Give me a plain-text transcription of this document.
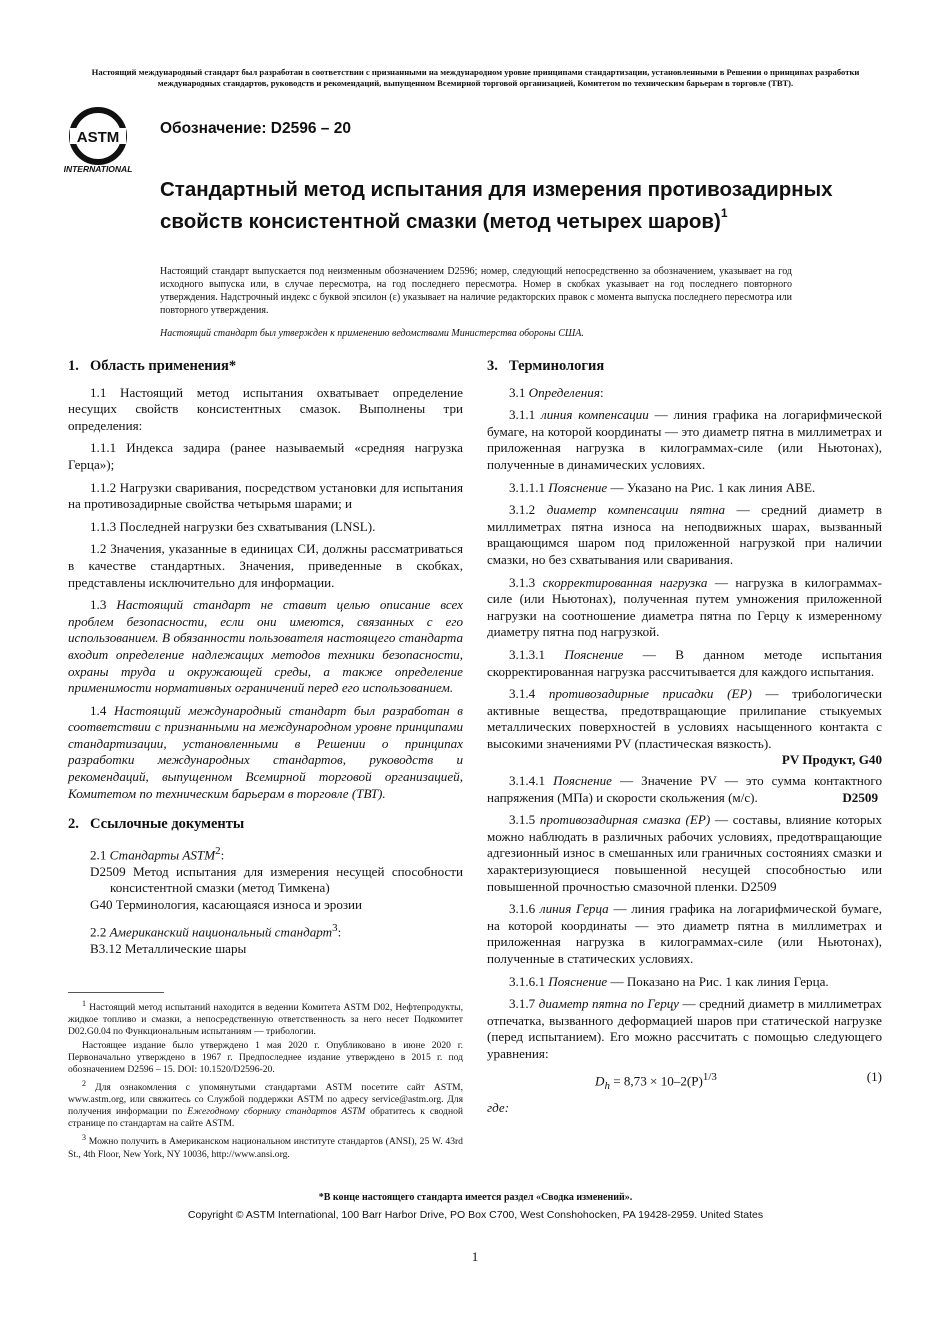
Настоящий международный стандарт был разработан в соответствии с признанными на международном уровне принципами стандартизации, установленными в Решении о принципах разработки международных стандартов, руководств и рекомендаций, выпущенном Всемирной торговой организацией, Комитетом по техническим барьерам в торговле (ТВТ).
ASTM
INTERNATIONAL
Обозначение: D2596 – 20
Стандартный метод испытания для измерения противозадирных свойств консистентной смазки (метод четырех шаров)$^1$
Настоящий стандарт выпускается под неизменным обозначением D2596; номер, следующий непосредственно за обозначением, указывает на год исходного выпуска или, в случае пересмотра, на год последнего пересмотра. Номер в скобках указывает на год последнего повторного утверждения. Надстрочный индекс с буквой эпсилон (ε) указывает на наличие редакторских правок с момента выпуска последнего пересмотра или повторного утверждения.
Настоящий стандарт был утвержден к применению ведомствами Министерства обороны США.
1. Область применения*

1.1 Настоящий метод испытания охватывает определение несущих свойств консистентных смазок. Выполнены три определения:

1.1.1 Индекса задира (ранее называемый «средняя нагрузка Герца»);

1.1.2 Нагрузки сваривания, посредством установки для испытания на противозадирные свойства четырьмя шарами; и

1.1.3 Последней нагрузки без схватывания (LNSL).

1.2 Значения, указанные в единицах СИ, должны рассматриваться в качестве стандартных. Значения, приведенные в скобках, представлены исключительно для информации.

1.3 Настоящий стандарт не ставит целью описание всех проблем безопасности, если они имеются, связанных с его использованием. В обязанности пользователя настоящего стандарта входит определение надлежащих методов техники безопасности, охраны труда и окружающей среды, а также определение применимости нормативных ограничений перед его использованием.

1.4 Настоящий международный стандарт был разработан в соответствии с признанными на международном уровне принципами стандартизации, установленными в Решении о принципах разработки международных стандартов, руководств и рекомендаций, выпущенном Всемирной торговой организацией, Комитетом по техническим барьерам в торговле (ТВТ).

2. Ссылочные документы

2.1 Стандарты ASTM$^2$:

D2509 Метод испытания для измерения несущей способности консистентной смазки (метод Тимкена)
G40 Терминология, касающаяся износа и эрозии

2.2 Американский национальный стандарт$^3$:

B3.12 Металлические шары

$^1$ Настоящий метод испытаний находится в ведении Комитета ASTM D02, Нефтепродукты, жидкое топливо и смазки, а непосредственную ответственность за него несет Подкомитет D02.G0.04 по Функциональным испытаниям — трибологии.

Настоящее издание было утверждено 1 мая 2020 г. Опубликовано в июне 2020 г. Первоначально утверждено в 1967 г. Предпоследнее издание утверждено в 2015 г. под обозначением D2596 – 15. DOI: 10.1520/D2596-20.

$^2$ Для ознакомления с упомянутыми стандартами ASTM посетите сайт ASTM, www.astm.org, или свяжитесь со Службой поддержки ASTM по адресу service@astm.org. Для получения информации по Ежегодному сборнику стандартов ASTM обратитесь к сводной странице по стандартам на сайте ASTM.

$^3$ Можно получить в Американском национальном институте стандартов (ANSI), 25 W. 43rd St., 4th Floor, New York, NY 10036, http://www.ansi.org.

3. Терминология

3.1 Определения:

3.1.1 линия компенсации — линия графика на логарифмической бумаге, на которой координаты — это диаметр пятна в миллиметрах и приложенная нагрузка в килограммах-силе (или Ньютонах), полученные в динамических условиях.

3.1.1.1 Пояснение — Указано на Рис. 1 как линия ABE.

3.1.2 диаметр компенсации пятна — средний диаметр в миллиметрах пятна износа на неподвижных шарах, вызванный вращающимся шаром под приложенной нагрузкой при наличии смазки, но без схватывания или сваривания.

3.1.3 скорректированная нагрузка — нагрузка в килограммах-силе (или Ньютонах), полученная путем умножения приложенной нагрузки на соотношение диаметра пятна по Герцу к измеренному диаметру пятна под нагрузкой.

3.1.3.1 Пояснение — В данном методе испытания скорректированная нагрузка рассчитывается для каждого испытания.

3.1.4 противозадирные присадки (EP) — трибологически активные вещества, предотвращающие прилипание стыкуемых металлических поверхностей в условиях насыщенного контакта с высокими значениями PV (пластическая вязкость).

PV Продукт, G40

3.1.4.1 Пояснение — Значение PV — это сумма контактного напряжения (МПа) и скорости скольжения (м/с).	D2509

3.1.5 противозадирная смазка (EP) — составы, влияние которых можно наблюдать в различных рабочих условиях, предотвращающие адгезионный износ в смешанных или граничных состояниях смазки и характеризующиеся повышенной несущей способностью или повышенной прочностью смазочной пленки. D2509

3.1.6 линия Герца — линия графика на логарифмической бумаге, на которой координаты — это диаметр пятна в миллиметрах и приложенная нагрузка в килограммах-силе (или Ньютонах), полученные в статических условиях.

3.1.6.1 Пояснение — Показано на Рис. 1 как линия Герца.

3.1.7 диаметр пятна по Герцу — средний диаметр в миллиметрах отпечатка, вызванного деформацией шаров при статической нагрузке (перед испытанием). Его можно рассчитать с помощью следующего уравнения:

$D_h = 8,73 \times 10-2(P)^{1/3}$	(1)

где:

*В конце настоящего стандарта имеется раздел «Сводка изменений».
Copyright © ASTM International, 100 Barr Harbor Drive, PO Box C700, West Conshohocken, PA 19428-2959. United States
1
